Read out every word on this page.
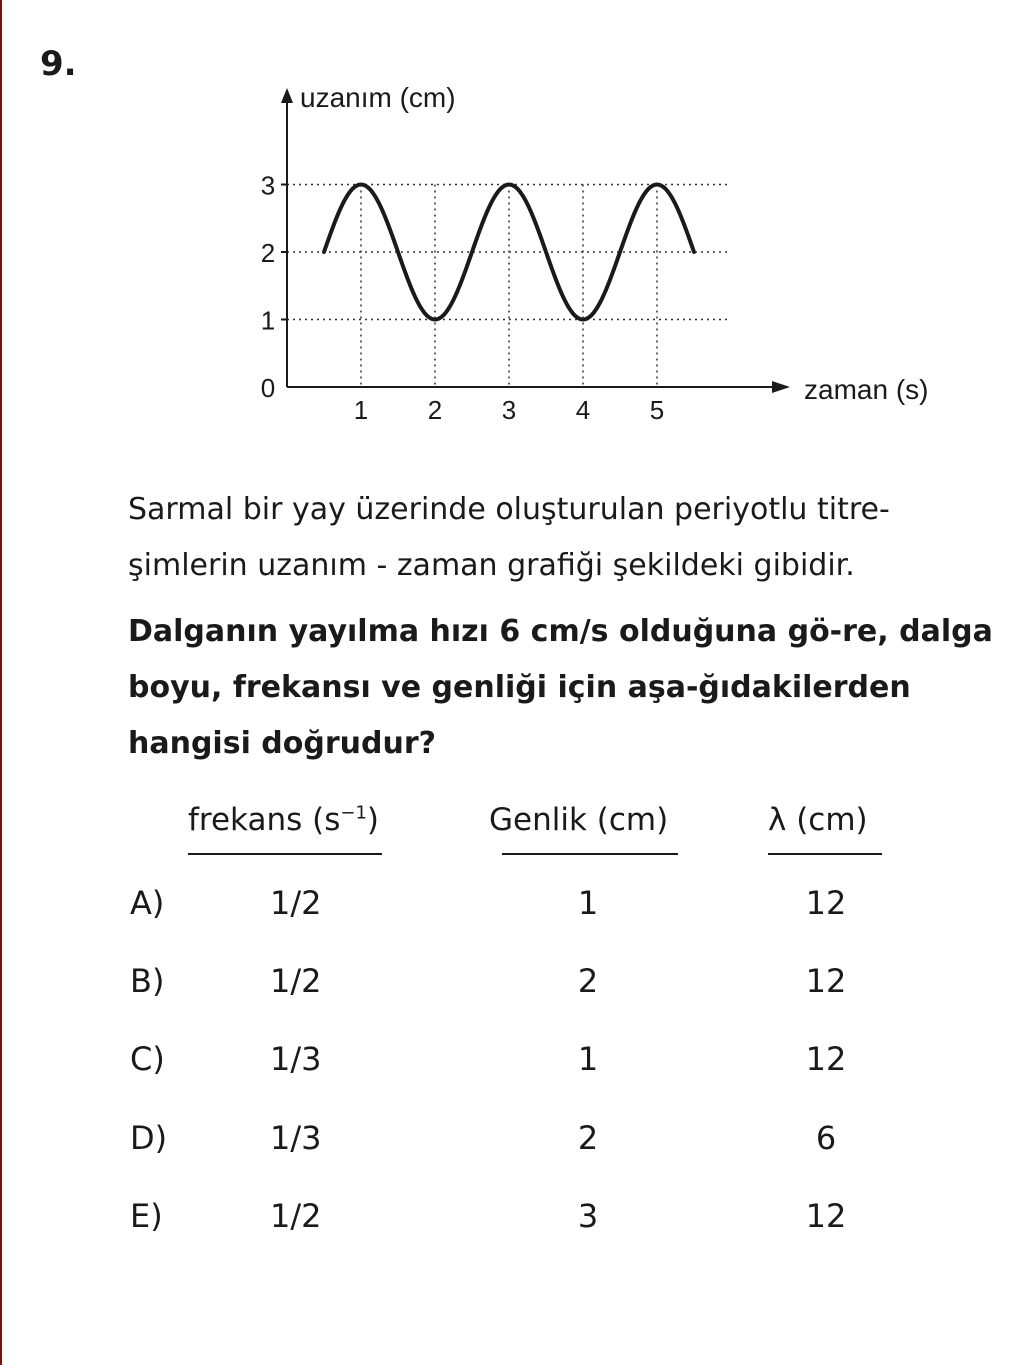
9.
0
1
2
3
1 2 3 4 5
uzanım (cm)
zaman (s)

Sarmal bir yay üzerinde oluşturulan periyotlu titre-şimlerin uzanım - zaman grafiği şekildeki gibidir.

Dalganın yayılma hızı 6 cm/s olduğuna gö-re, dalga boyu, frekansı ve genliği için aşa-ğıdakilerden hangisi doğrudur?

frekans $(s^{-1})$	Genlik (cm)	λ (cm)
A)	1/2	1	12
B)	1/2	2	12
C)	1/3	1	12
D)	1/3	2	6
E)	1/2	3	12
